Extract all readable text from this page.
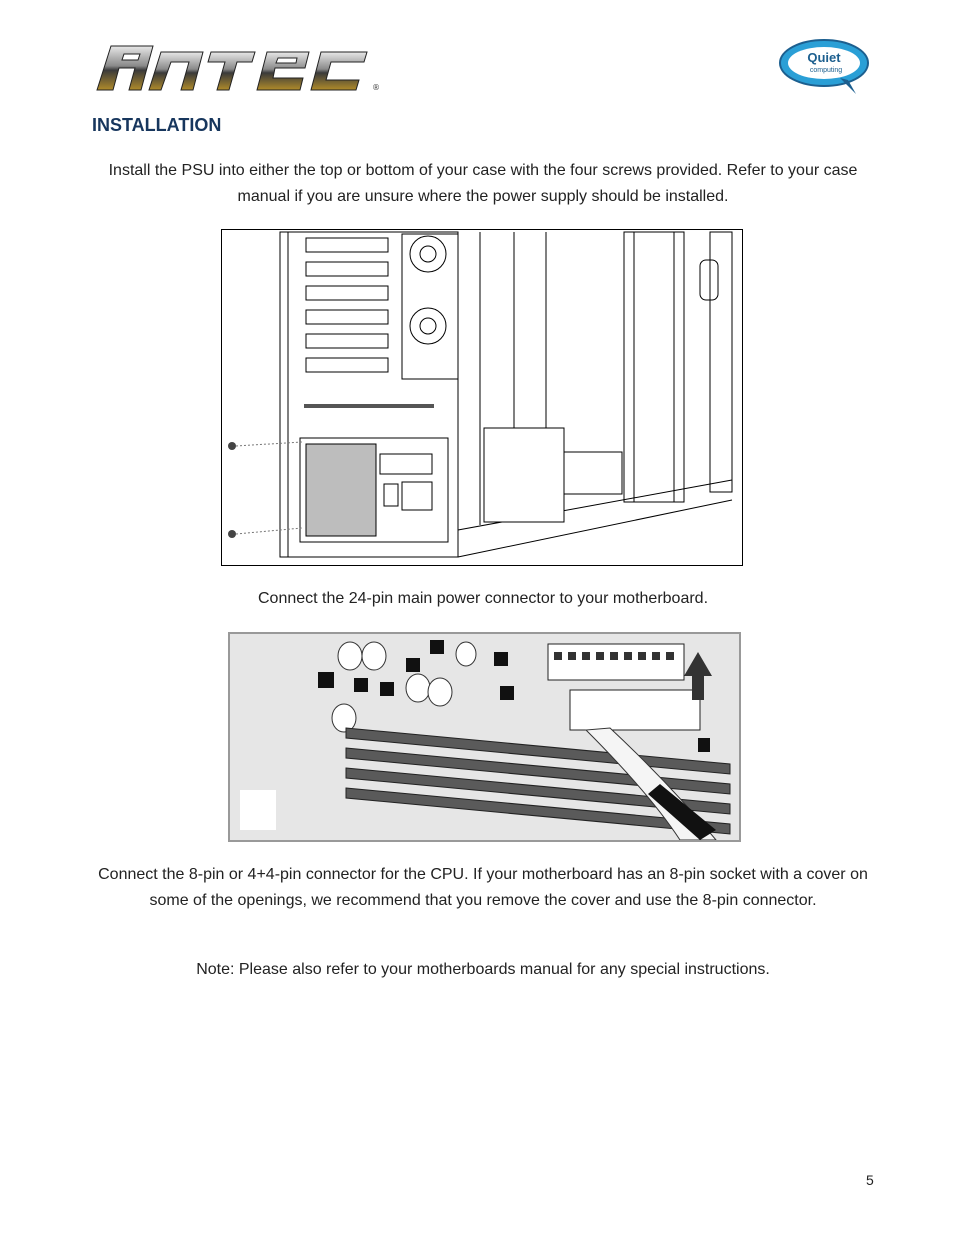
®
Quiet
computing
INSTALLATION

Install the PSU into either the top or bottom of your case with the four screws provided. Refer to your case manual if you are unsure where the power supply should be installed.

Connect the 24-pin main power connector to your motherboard.

Connect the 8-pin or 4+4-pin connector for the CPU. If your motherboard has an 8-pin socket with a cover on some of the openings, we recommend that you remove the cover and use the 8-pin connector.

Note: Please also refer to your motherboards manual for any special instructions.

5
